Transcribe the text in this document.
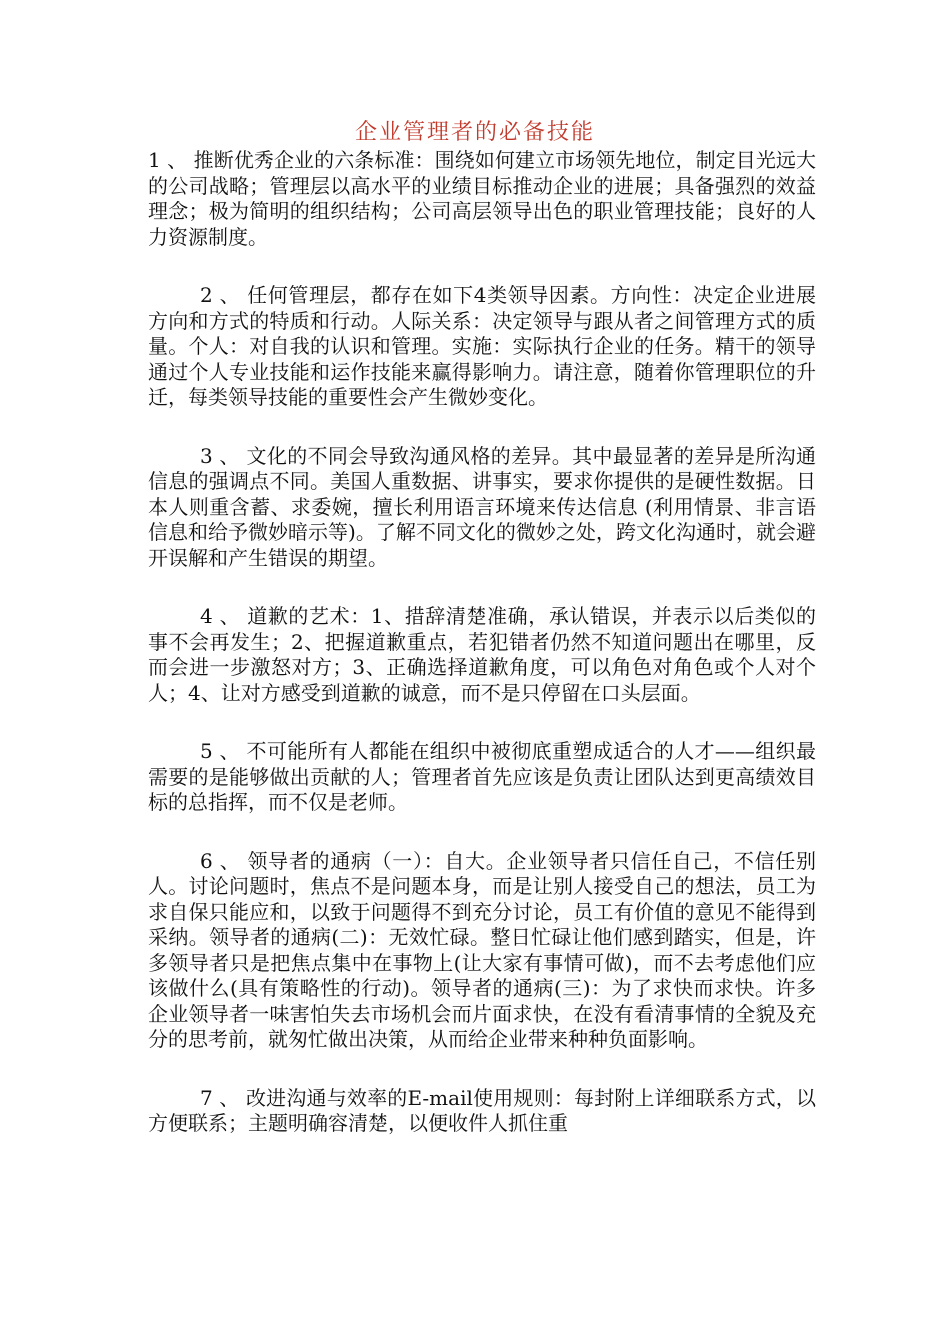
企业管理者的必备技能

1 、 推断优秀企业的六条标准：围绕如何建立市场领先地位，制定目光远大的公司战略；管理层以高水平的业绩目标推动企业的进展；具备强烈的效益理念；极为简明的组织结构；公司高层领导出色的职业管理技能；良好的人力资源制度。

2 、 任何管理层，都存在如下4类领导因素。方向性：决定企业进展方向和方式的特质和行动。人际关系：决定领导与跟从者之间管理方式的质量。个人：对自我的认识和管理。实施：实际执行企业的任务。精干的领导通过个人专业技能和运作技能来赢得影响力。请注意，随着你管理职位的升迁，每类领导技能的重要性会产生微妙变化。

3 、 文化的不同会导致沟通风格的差异。其中最显著的差异是所沟通信息的强调点不同。美国人重数据、讲事实，要求你提供的是硬性数据。日本人则重含蓄、求委婉，擅长利用语言环境来传达信息 (利用情景、非言语信息和给予微妙暗示等)。了解不同文化的微妙之处，跨文化沟通时，就会避开误解和产生错误的期望。

4 、 道歉的艺术：1、措辞清楚准确，承认错误，并表示以后类似的事不会再发生；2、把握道歉重点，若犯错者仍然不知道问题出在哪里，反而会进一步激怒对方；3、正确选择道歉角度，可以角色对角色或个人对个人；4、让对方感受到道歉的诚意，而不是只停留在口头层面。

5 、 不可能所有人都能在组织中被彻底重塑成适合的人才——组织最需要的是能够做出贡献的人；管理者首先应该是负责让团队达到更高绩效目标的总指挥，而不仅是老师。

6 、 领导者的通病（一）：自大。企业领导者只信任自己，不信任别人。讨论问题时，焦点不是问题本身，而是让别人接受自己的想法，员工为求自保只能应和，以致于问题得不到充分讨论，员工有价值的意见不能得到采纳。领导者的通病(二)：无效忙碌。整日忙碌让他们感到踏实，但是，许多领导者只是把焦点集中在事物上(让大家有事情可做)，而不去考虑他们应该做什么(具有策略性的行动)。领导者的通病(三)：为了求快而求快。许多企业领导者一味害怕失去市场机会而片面求快，在没有看清事情的全貌及充分的思考前，就匆忙做出决策，从而给企业带来种种负面影响。

7 、 改进沟通与效率的E-mail使用规则：每封附上详细联系方式，以方便联系；主题明确容清楚，以便收件人抓住重
